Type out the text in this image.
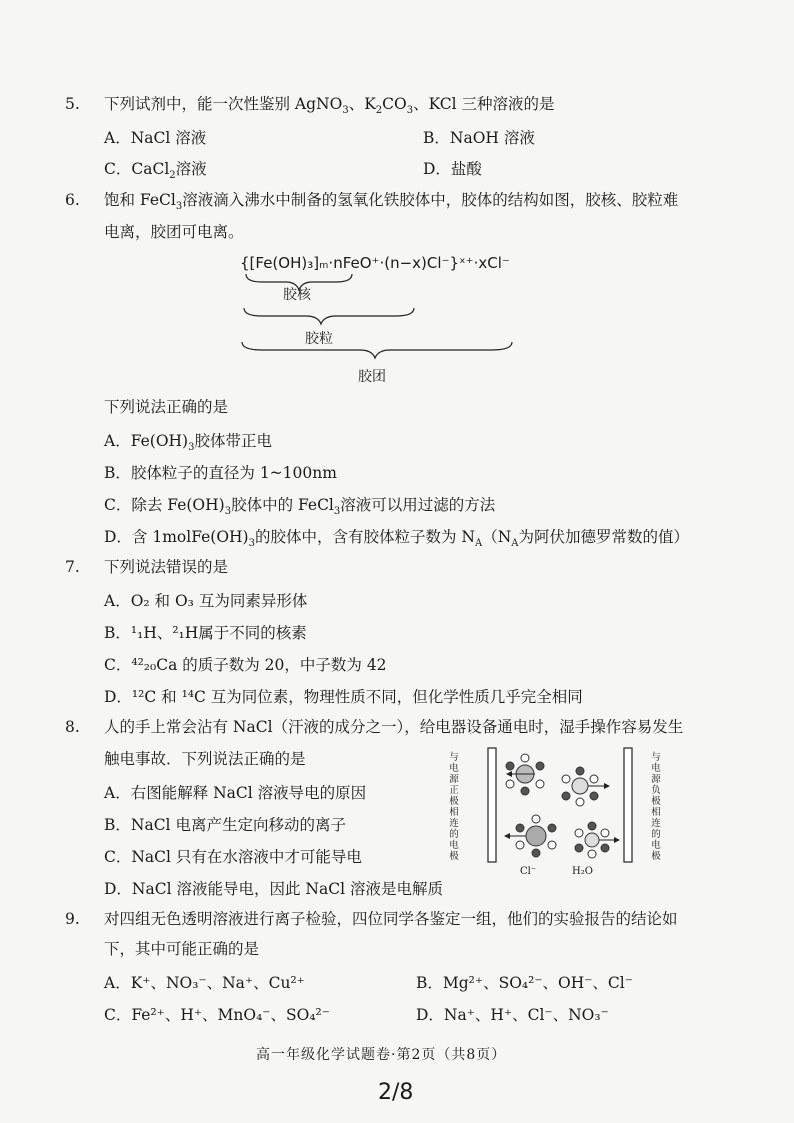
5. 下列试剂中，能一次性鉴别 AgNO$_3$、$K_2CO_3$、KCl 三种溶液的是
A．NaCl 溶液	B．NaOH 溶液
C．CaCl$_2$溶液	D．盐酸
6. 饱和 FeCl$_3$溶液滴入沸水中制备的氢氧化铁胶体中，胶体的结构如图，胶核、胶粒难
电离，胶团可电离。
{[Fe(OH)₃]ₘ·nFeO⁺·(n−x)Cl⁻}ˣ⁺·xCl⁻
胶核
胶粒
胶团
下列说法正确的是
A．$Fe(OH)_3$胶体带正电
B．胶体粒子的直径为 1~100nm
C．除去 $Fe(OH)_3$胶体中的 FeCl$_3$溶液可以用过滤的方法
D．含 $1molFe(OH)_3$的胶体中，含有胶体粒子数为 $N_A(N_A$为阿伏加德罗常数的值）
7. 下列说法错误的是
A．O₂ 和 O₃ 互为同素异形体
B．¹₁H、²₁H属于不同的核素
C．⁴²₂₀Ca 的质子数为 20，中子数为 42
D．¹²C 和 ¹⁴C 互为同位素，物理性质不同，但化学性质几乎完全相同
8. 人的手上常会沾有 NaCl（汗液的成分之一），给电器设备通电时，湿手操作容易发生
触电事故．下列说法正确的是
A．右图能解释 NaCl 溶液导电的原因
B．NaCl 电离产生定向移动的离子
C．NaCl 只有在水溶液中才可能导电
D．NaCl 溶液能导电，因此 NaCl 溶液是电解质
与电源正极相连的电极
与电源负极相连的电极
Cl⁻	H₂O
9. 对四组无色透明溶液进行离子检验，四位同学各鉴定一组，他们的实验报告的结论如
下，其中可能正确的是
A．K⁺、NO₃⁻、Na⁺、Cu²⁺	B．Mg²⁺、SO₄²⁻、OH⁻、Cl⁻
C．Fe²⁺、H⁺、MnO₄⁻、SO₄²⁻	D．Na⁺、H⁺、Cl⁻、NO₃⁻
高一年级化学试题卷·第2页（共8页）
2/8
